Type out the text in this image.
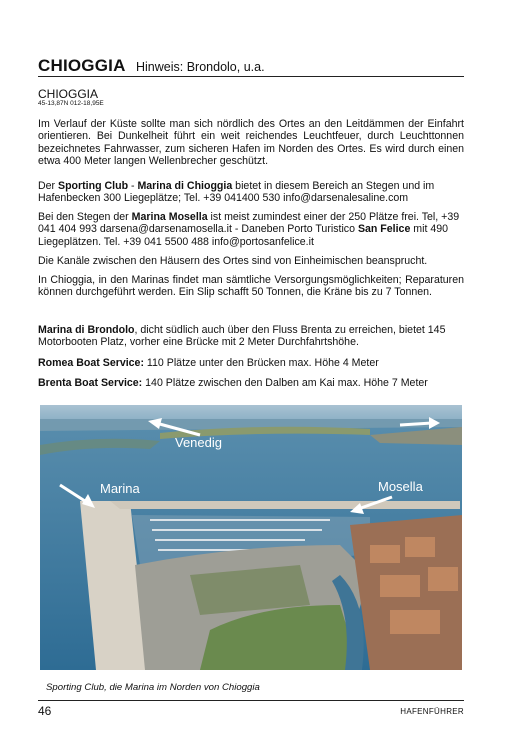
CHIOGGIA Hinweis: Brondolo, u.a.
CHIOGGIA
45-13,87N 012-18,95E

Im Verlauf der Küste sollte man sich nördlich des Ortes an den Leitdämmen der Einfahrt orientieren. Bei Dunkelheit führt ein weit reichendes Leuchtfeuer, durch Leuchttonnen bezeichnetes Fahrwasser, zum sicheren Hafen im Norden des Ortes. Es wird durch einen etwa 400 Meter langen Wellenbrecher geschützt.

Der Sporting Club - Marina di Chioggia bietet in diesem Bereich an Stegen und im Hafenbecken 300 Liegeplätze; Tel. +39 041400 530 info@darsenalesaline.com

Bei den Stegen der Marina Mosella ist meist zumindest einer der 250 Plätze frei. Tel, +39 041 404 993 darsena@darsenamosella.it - Daneben Porto Turistico San Felice mit 490 Liegeplätzen. Tel. +39 041 5500 488 info@portosanfelice.it

Die Kanäle zwischen den Häusern des Ortes sind von Einheimischen beansprucht.

In Chioggia, in den Marinas findet man sämtliche Versorgungsmöglichkeiten; Reparaturen können durchgeführt werden. Ein Slip schafft 50 Tonnen, die Kräne bis zu 7 Tonnen.

Marina di Brondolo, dicht südlich auch über den Fluss Brenta zu erreichen, bietet 145 Motorbooten Platz, vorher eine Brücke mit 2 Meter Durchfahrtshöhe.

Romea Boat Service: 110 Plätze unter den Brücken max. Höhe 4 Meter

Brenta Boat Service: 140 Plätze zwischen den Dalben am Kai max. Höhe 7 Meter

Venedig
Marina	Mosella
Sporting Club, die Marina im Norden von Chioggia
46	HAFENFÜHRER
